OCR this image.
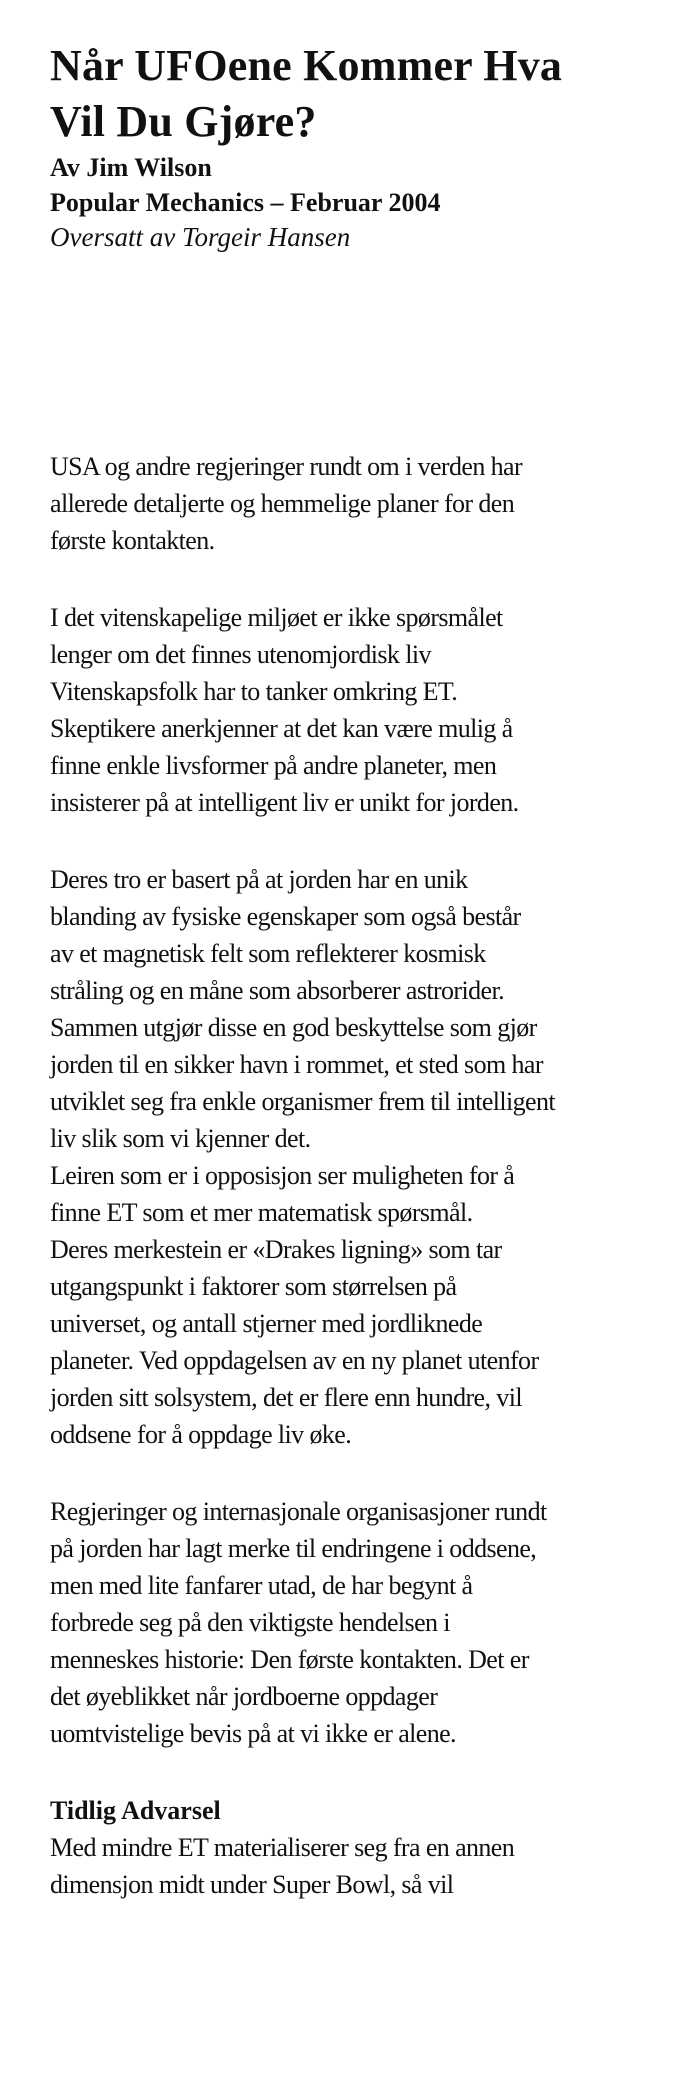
Når UFOene Kommer Hva
Vil Du Gjøre?

Av Jim Wilson

Popular Mechanics – Februar 2004

Oversatt av Torgeir Hansen

USA og andre regjeringer rundt om i verden har
allerede detaljerte og hemmelige planer for den
første kontakten.
I det vitenskapelige miljøet er ikke spørsmålet
lenger om det finnes utenomjordisk liv
Vitenskapsfolk har to tanker omkring ET.
Skeptikere anerkjenner at det kan være mulig å
finne enkle livsformer på andre planeter, men
insisterer på at intelligent liv er unikt for jorden.
Deres tro er basert på at jorden har en unik
blanding av fysiske egenskaper som også består
av et magnetisk felt som reflekterer kosmisk
stråling og en måne som absorberer astrorider.
Sammen utgjør disse en god beskyttelse som gjør
jorden til en sikker havn i rommet, et sted som har
utviklet seg fra enkle organismer frem til intelligent
liv slik som vi kjenner det.
Leiren som er i opposisjon ser muligheten for å
finne ET som et mer matematisk spørsmål.
Deres merkestein er «Drakes ligning» som tar
utgangspunkt i faktorer som størrelsen på
universet, og antall stjerner med jordliknede
planeter. Ved oppdagelsen av en ny planet utenfor
jorden sitt solsystem, det er flere enn hundre, vil
oddsene for å oppdage liv øke.
Regjeringer og internasjonale organisasjoner rundt
på jorden har lagt merke til endringene i oddsene,
men med lite fanfarer utad, de har begynt å
forbrede seg på den viktigste hendelsen i
menneskes historie: Den første kontakten. Det er
det øyeblikket når jordboerne oppdager
uomtvistelige bevis på at vi ikke er alene.

Tidlig Advarsel

Med mindre ET materialiserer seg fra en annen
dimensjon midt under Super Bowl, så vil
